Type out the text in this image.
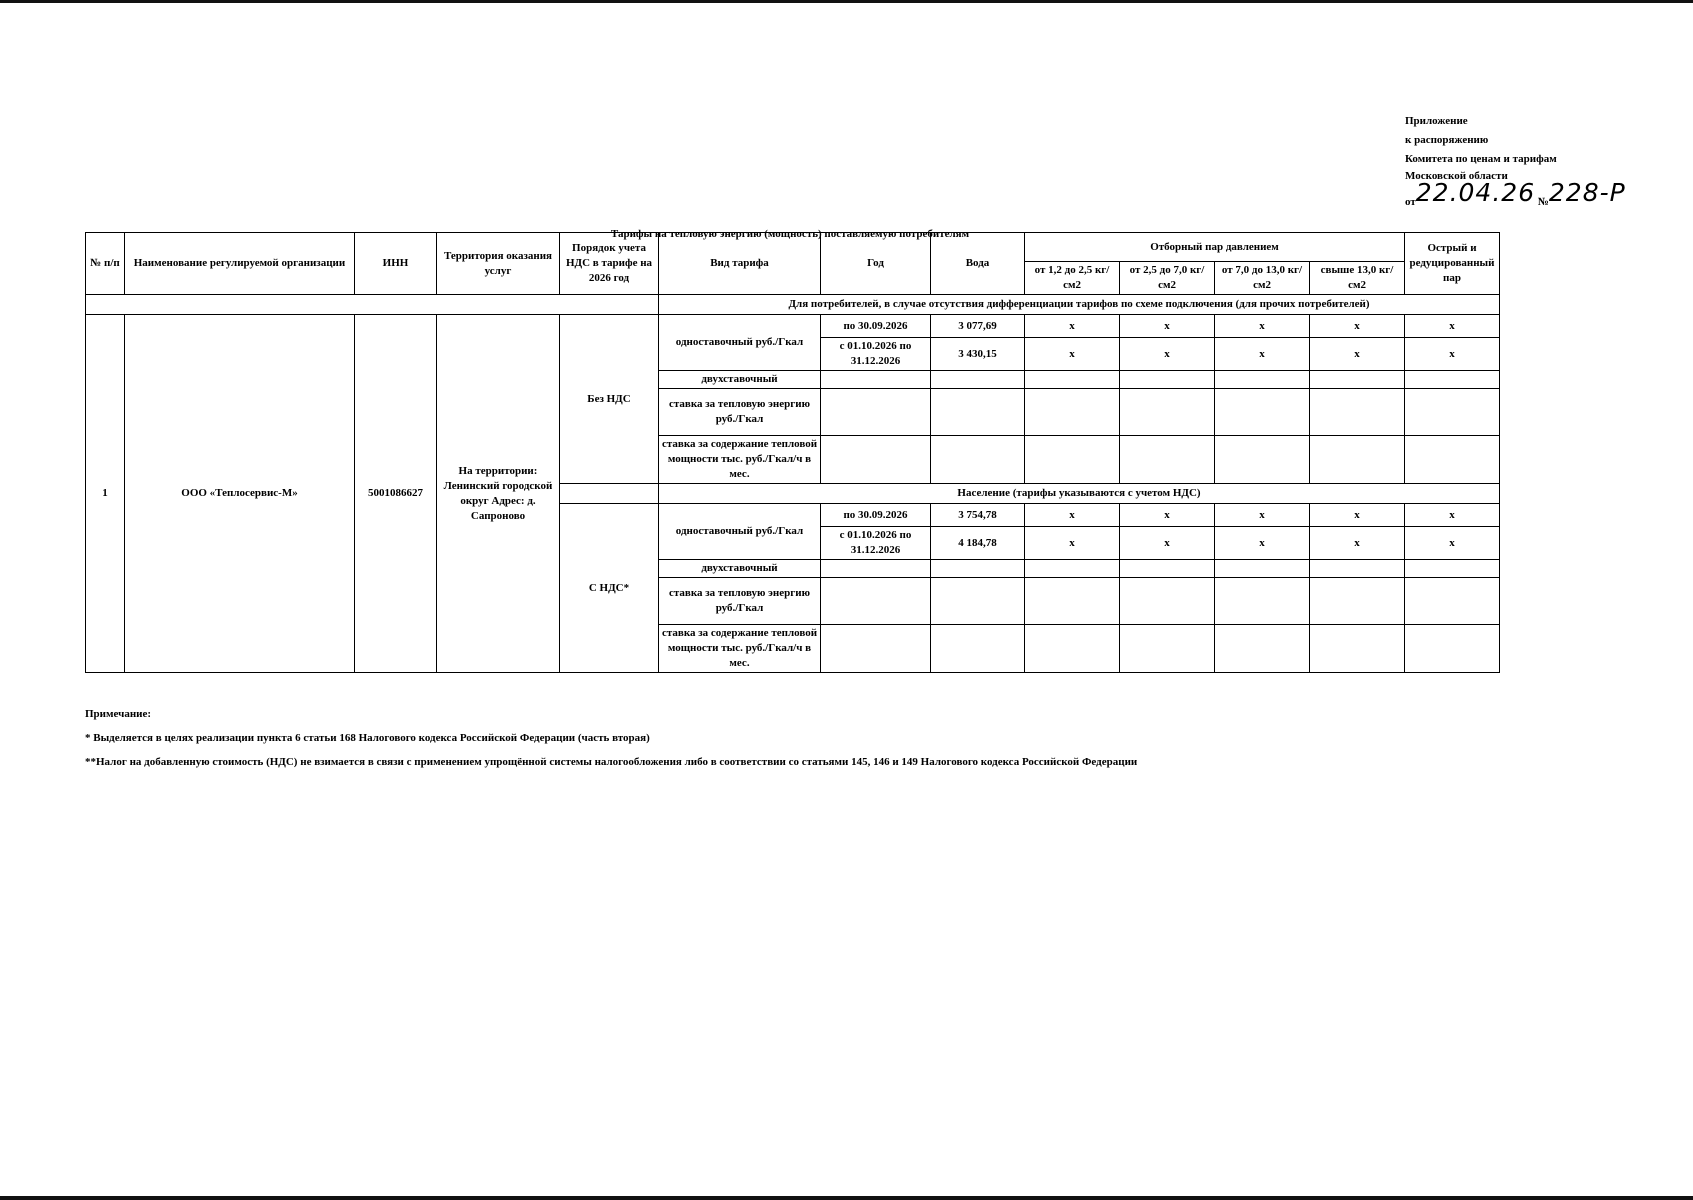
Приложение
к распоряжению
Комитета по ценам и тарифам
Московской области
от22.04.26 №228-Р
Тарифы на тепловую энергию (мощность) поставляемую потребителям
№ п/п	Наименование регулируемой организации	ИНН	Территория оказания услуг	Порядок учета НДС в тарифе на 2026 год	Вид тарифа	Год	Вода	Отборный пар давлением				Острый и редуцированный пар
								от 1,2 до 2,5 кг/см2	от 2,5 до 7,0 кг/см2	от 7,0 до 13,0 кг/см2	свыше 13,0 кг/см2	
					Для потребителей, в случае отсутствия дифференциации тарифов по схеме подключения (для прочих потребителей)							
1	ООО «Теплосервис-М»	5001086627	На территории: Ленинский городской округ Адрес: д. Сапроново	Без НДС	одноставочный руб./Гкал	по 30.09.2026	3 077,69	х	х	х	х	х
						с 01.10.2026 по 31.12.2026	3 430,15	х	х	х	х	х
					двухставочный							
					ставка за тепловую энергию руб./Гкал							
					ставка за содержание тепловой мощности тыс. руб./Гкал/ч в мес.							
					Население (тарифы указываются с учетом НДС)							
				С НДС*	одноставочный руб./Гкал	по 30.09.2026	3 754,78	х	х	х	х	х
						с 01.10.2026 по 31.12.2026	4 184,78	х	х	х	х	х
					двухставочный							
					ставка за тепловую энергию руб./Гкал							
					ставка за содержание тепловой мощности тыс. руб./Гкал/ч в мес.							
Примечание:
* Выделяется в целях реализации пункта 6 статьи 168 Налогового кодекса Российской Федерации (часть вторая)
**Налог на добавленную стоимость (НДС) не взимается в связи с применением упрощённой системы налогообложения либо в соответствии со статьями 145, 146 и 149 Налогового кодекса Российской Федерации
